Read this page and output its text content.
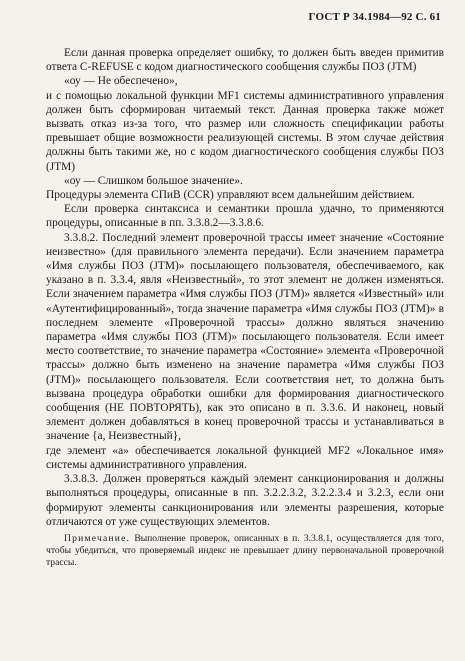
ГОСТ Р 34.1984—92 С. 61

Если данная проверка определяет ошибку, то должен быть введен примитив ответа C-REFUSE с кодом диагностического сообщения службы ПОЗ (JTM)

«оу — Не обеспечено»,

и с помощью локальной функции MF1 системы административного управления должен быть сформирован читаемый текст. Данная проверка также может вызвать отказ из-за того, что размер или сложность спецификации работы превышает общие возможности реализующей системы. В этом случае действия должны быть такими же, но с кодом диагностического сообщения службы ПОЗ (JTM)

«оу — Слишком большое значение».

Процедуры элемента СПиВ (CCR) управляют всем дальнейшим действием.

Если проверка синтаксиса и семантики прошла удачно, то применяются процедуры, описанные в пп. 3.3.8.2—3.3.8.6.

3.3.8.2. Последний элемент проверочной трассы имеет значение «Состояние неизвестно» (для правильного элемента передачи). Если значением параметра «Имя службы ПОЗ (JTM)» посылающего пользователя, обеспечиваемого, как указано в п. 3.3.4, явля «Неизвестный», то этот элемент не должен изменяться. Если значением параметра «Имя службы ПОЗ (JTM)» является «Известный» или «Аутентифицированный», тогда значение параметра «Имя службы ПОЗ (JTM)» в последнем элементе «Проверочной трассы» должно являться значению параметра «Имя службы ПОЗ (JTM)» посылающего пользователя. Если имеет место соответствие, то значение параметра «Состояние» элемента «Проверочной трассы» должно быть изменено на значение параметра «Имя службы ПОЗ (JTM)» посылающего пользователя. Если соответствия нет, то должна быть вызвана процедура обработки ошибки для формирования диагностического сообщения (НЕ ПОВТОРЯТЬ), как это описано в п. 3.3.6. И наконец, новый элемент должен добавляться в конец проверочной трассы и устанавливаться в значение {а, Неизвестный},

где элемент «а» обеспечивается локальной функцией MF2 «Локальное имя» системы административного управления.

3.3.8.3. Должен проверяться каждый элемент санкционирования и должны выполняться процедуры, описанные в пп. 3.2.2.3.2, 3.2.2.3.4 и 3.2.3, если они формируют элементы санкционирования или элементы разрешения, которые отличаются от уже существующих элементов.

Примечание. Выполнение проверок, описанных в п. 3.3.8.1, осуществляется для того, чтобы убедиться, что проверяемый индекс не превышает длину первоначальной проверочной трассы.
